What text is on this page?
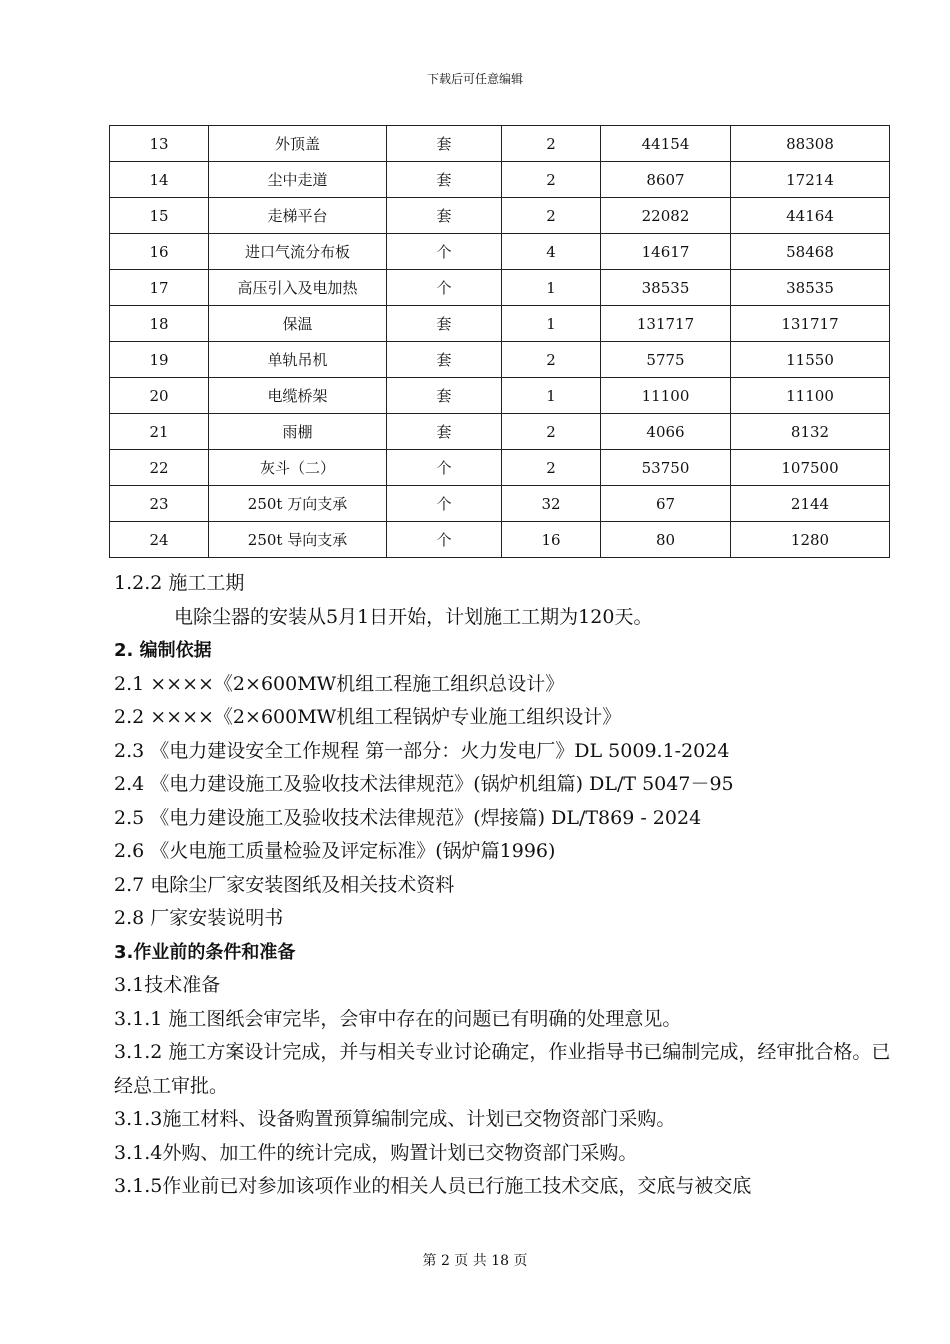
下载后可任意编辑
13	外顶盖	套	2	44154	88308
14	尘中走道	套	2	8607	17214
15	走梯平台	套	2	22082	44164
16	进口气流分布板	个	4	14617	58468
17	高压引入及电加热	个	1	38535	38535
18	保温	套	1	131717	131717
19	单轨吊机	套	2	5775	11550
20	电缆桥架	套	1	11100	11100
21	雨棚	套	2	4066	8132
22	灰斗（二）	个	2	53750	107500
23	250t 万向支承	个	32	67	2144
24	250t 导向支承	个	16	80	1280

1.2.2 施工工期

电除尘器的安装从5月1日开始，计划施工工期为120天。

2. 编制依据

2.1 ××××《2×600MW机组工程施工组织总设计》

2.2 ××××《2×600MW机组工程锅炉专业施工组织设计》

2.3 《电力建设安全工作规程 第一部分：火力发电厂》DL 5009.1-2024

2.4 《电力建设施工及验收技术法律规范》(锅炉机组篇) DL/T 5047－95

2.5 《电力建设施工及验收技术法律规范》(焊接篇) DL/T869 - 2024

2.6 《火电施工质量检验及评定标准》(锅炉篇1996)

2.7 电除尘厂家安装图纸及相关技术资料

2.8 厂家安装说明书

3.作业前的条件和准备

3.1技术准备

3.1.1 施工图纸会审完毕，会审中存在的问题已有明确的处理意见。

3.1.2 施工方案设计完成，并与相关专业讨论确定，作业指导书已编制完成，经审批合格。已经总工审批。

3.1.3施工材料、设备购置预算编制完成、计划已交物资部门采购。

3.1.4外购、加工件的统计完成，购置计划已交物资部门采购。

3.1.5作业前已对参加该项作业的相关人员已行施工技术交底，交底与被交底

第 2 页 共 18 页
